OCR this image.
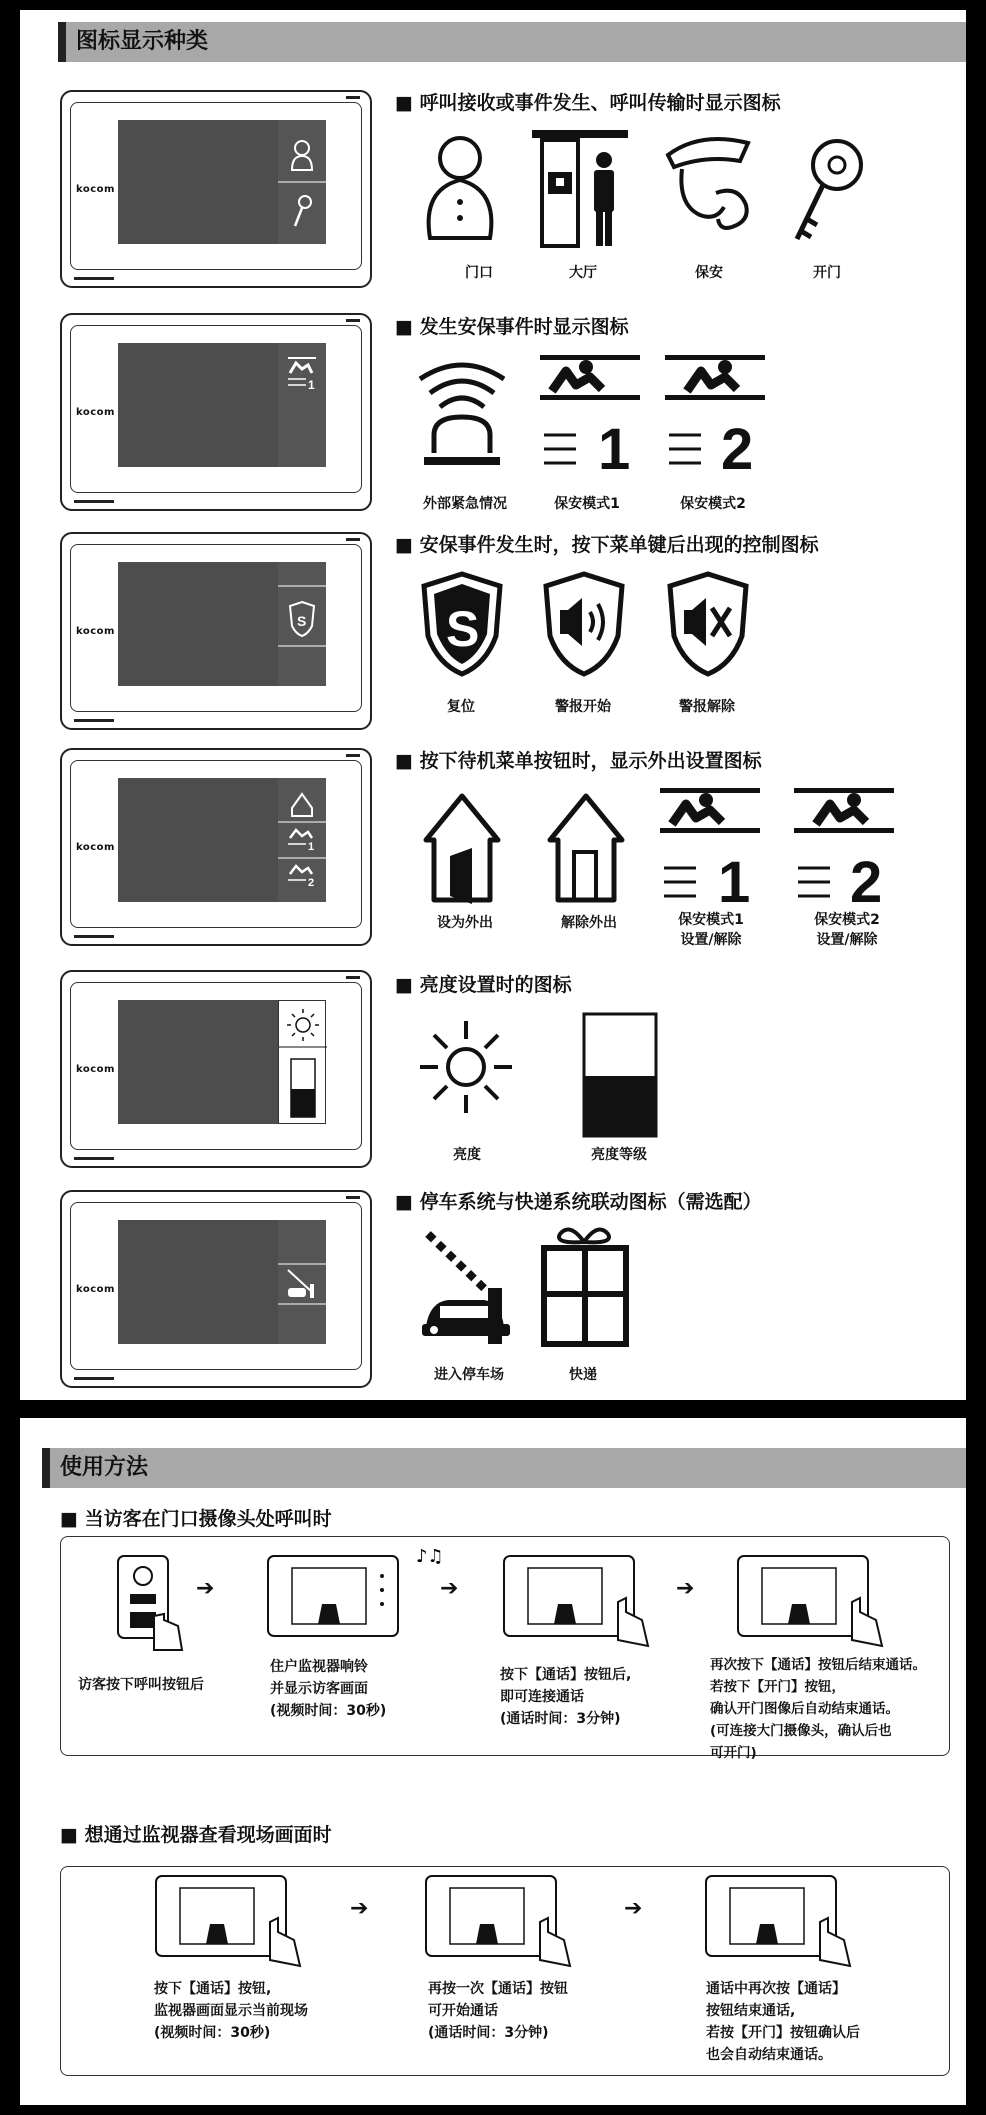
图标显示种类
kocom
■ 呼叫接收或事件发生、呼叫传输时显示图标
门口	大厅	保安	开门
1
kocom
■ 发生安保事件时显示图标
1 2
外部紧急情况	保安模式1	保安模式2
S
kocom
■ 安保事件发生时，按下菜单键后出现的控制图标
S
复位	警报开始	警报解除
1
2
kocom
■ 按下待机菜单按钮时，显示外出设置图标
1 2
设为外出	解除外出	保安模式1
设置/解除
保安模式2
设置/解除
kocom
■ 亮度设置时的图标
亮度	亮度等级
kocom
■ 停车系统与快递系统联动图标（需选配）
进入停车场	快递
使用方法
■ 当访客在门口摄像头处呼叫时
➔
♪♫
➔	➔
访客按下呼叫按钮后
住户监视器响铃
并显示访客画面
(视频时间：30秒)
按下【通话】按钮后,
即可连接通话
(通话时间：3分钟)
再次按下【通话】按钮后结束通话。
若按下【开门】按钮，
确认开门图像后自动结束通话。
(可连接大门摄像头，确认后也
可开门)
■ 想通过监视器查看现场画面时
➔	➔
按下【通话】按钮,
监视器画面显示当前现场
(视频时间：30秒)
再按一次【通话】按钮
可开始通话
(通话时间：3分钟)
通话中再次按【通话】
按钮结束通话,
若按【开门】按钮确认后
也会自动结束通话。
